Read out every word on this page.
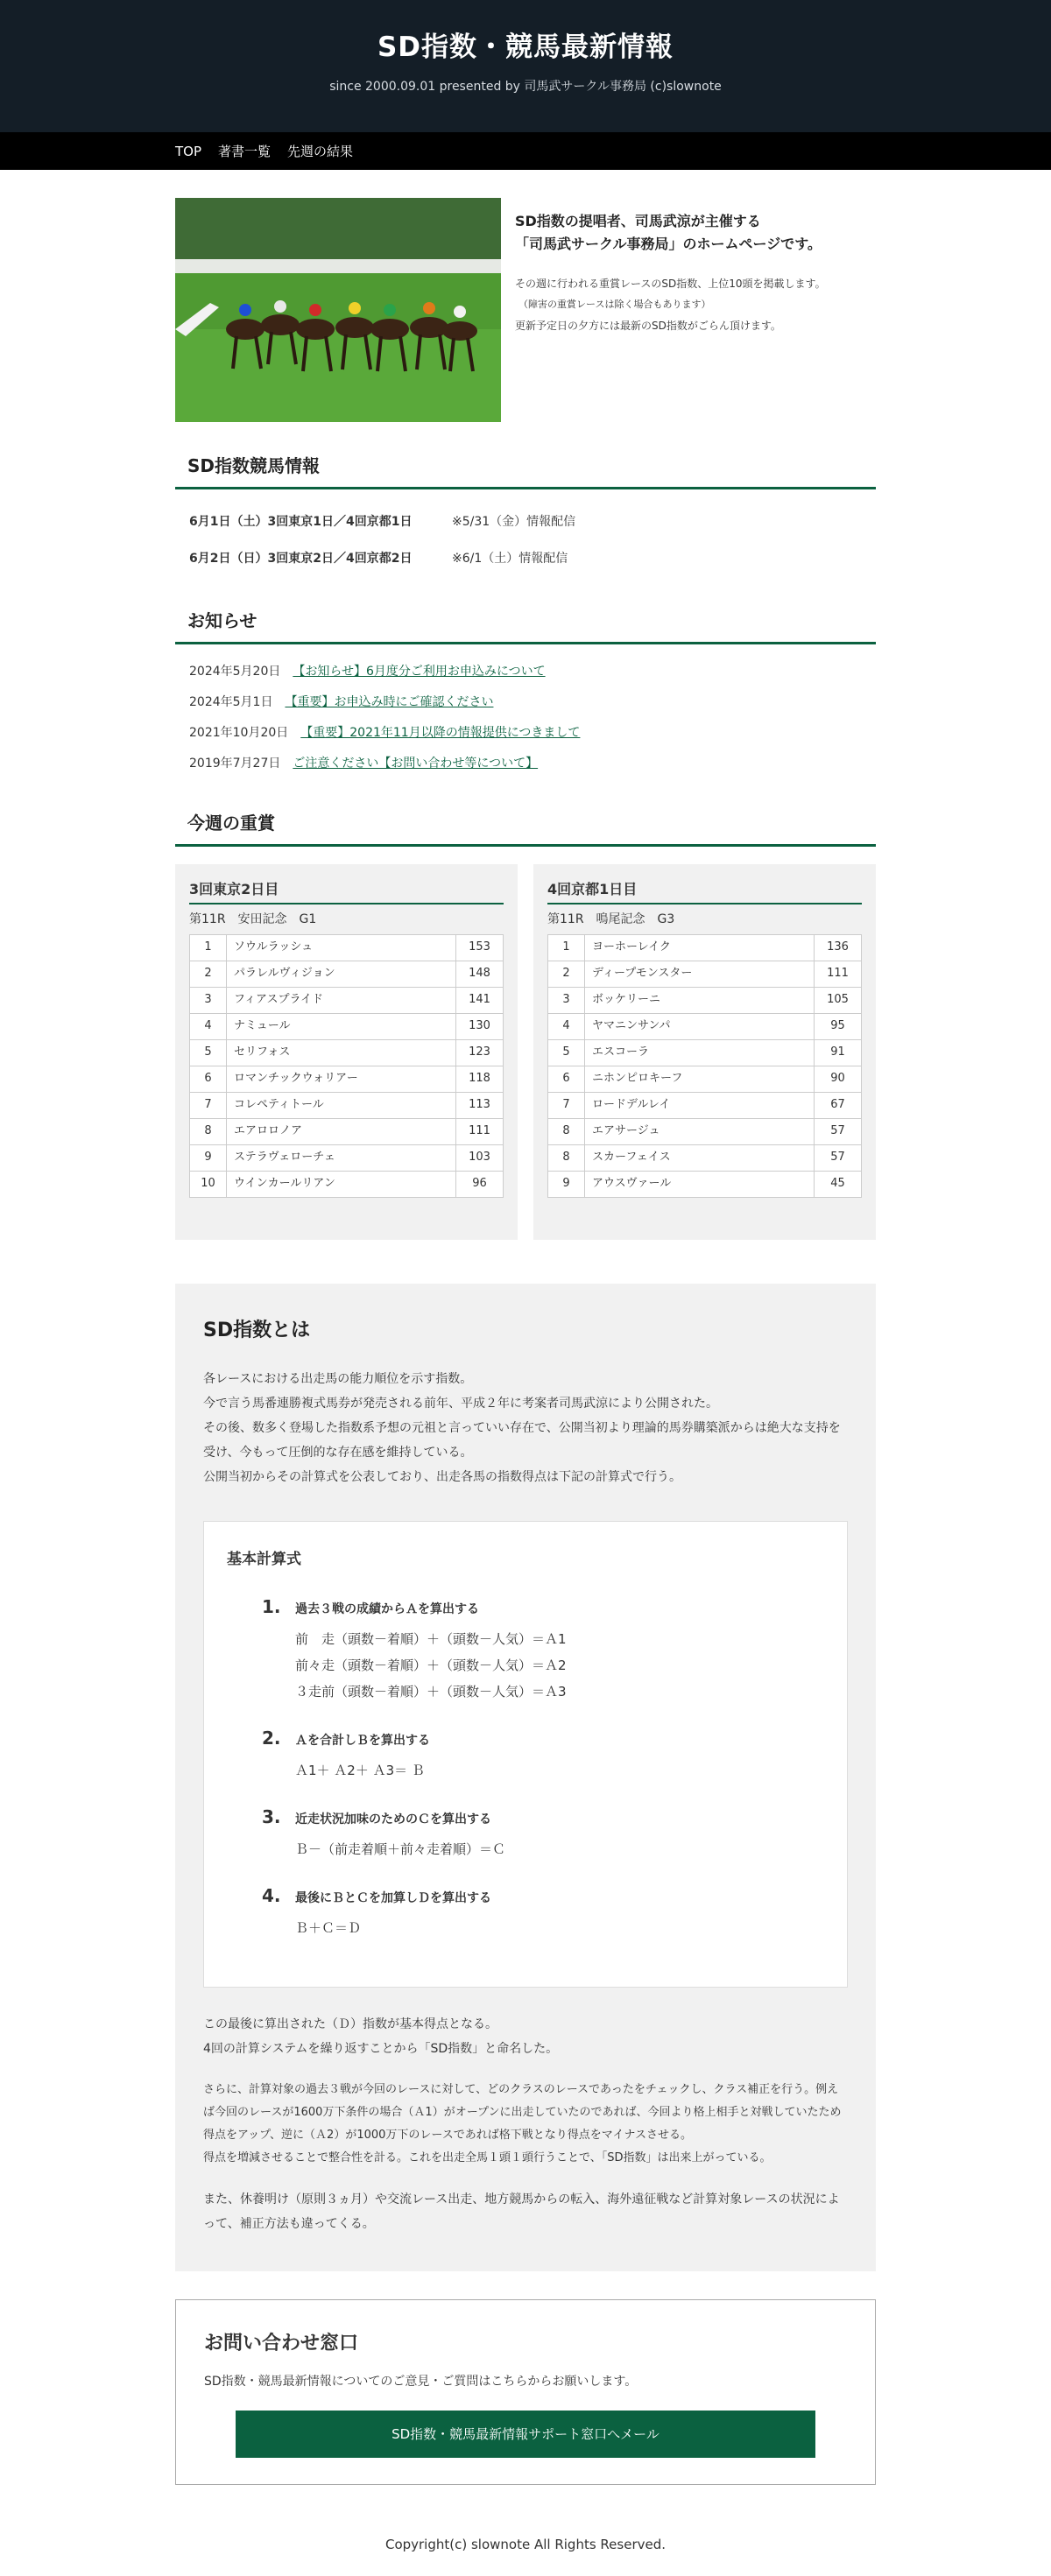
SD指数・競馬最新情報
since 2000.09.01 presented by 司馬武サークル事務局 (c)slownote
TOP 著書一覧 先週の結果
SD指数の提唱者、司馬武涼が主催する
「司馬武サークル事務局」のホームページです。
その週に行われる重賞レースのSD指数、上位10頭を掲載します。
（障害の重賞レースは除く場合もあります）
更新予定日の夕方には最新のSD指数がごらん頂けます。
SD指数競馬情報
6月1日（土）3回東京1日／4回京都1日	※5/31（金）情報配信
6月2日（日）3回東京2日／4回京都2日	※6/1（土）情報配信
お知らせ
2024年5月20日 【お知らせ】6月度分ご利用お申込みについて
2024年5月1日 【重要】お申込み時にご確認ください
2021年10月20日 【重要】2021年11月以降の情報提供につきまして
2019年7月27日 ご注意ください【お問い合わせ等について】
今週の重賞
3回東京2日目
第11R　安田記念　G1
1	ソウルラッシュ	153
2	パラレルヴィジョン	148
3	フィアスプライド	141
4	ナミュール	130
5	セリフォス	123
6	ロマンチックウォリアー	118
7	コレペティトール	113
8	エアロロノア	111
9	ステラヴェローチェ	103
10	ウインカールリアン	96
4回京都1日目
第11R　鳴尾記念　G3
1	ヨーホーレイク	136
2	ディープモンスター	111
3	ボッケリーニ	105
4	ヤマニンサンパ	95
5	エスコーラ	91
6	ニホンピロキーフ	90
7	ロードデルレイ	67
8	エアサージュ	57
8	スカーフェイス	57
9	アウスヴァール	45
SD指数とは

各レースにおける出走馬の能力順位を示す指数。

今で言う馬番連勝複式馬券が発売される前年、平成２年に考案者司馬武涼により公開された。

その後、数多く登場した指数系予想の元祖と言っていい存在で、公開当初より理論的馬券購築派からは絶大な支持を受け、今もって圧倒的な存在感を維持している。

公開当初からその計算式を公表しており、出走各馬の指数得点は下記の計算式で行う。

基本計算式
1.	過去３戦の成績からＡを算出する
前　走（頭数－着順）＋（頭数－人気）＝Ａ1
前々走（頭数－着順）＋（頭数－人気）＝Ａ2
３走前（頭数－着順）＋（頭数－人気）＝Ａ3
2.	Ａを合計しＢを算出する
Ａ1＋ Ａ2＋ Ａ3＝ Ｂ
3.	近走状況加味のためのＣを算出する
Ｂ－（前走着順＋前々走着順）＝Ｃ
4.	最後にＢとＣを加算しＤを算出する
Ｂ＋Ｃ＝Ｄ

この最後に算出された（Ｄ）指数が基本得点となる。

4回の計算システムを繰り返すことから「SD指数」と命名した。

さらに、計算対象の過去３戦が今回のレースに対して、どのクラスのレースであったをチェックし、クラス補正を行う。例えば今回のレースが1600万下条件の場合（Ａ1）がオープンに出走していたのであれば、今回より格上相手と対戦していたため得点をアップ、逆に（Ａ2）が1000万下のレースであれば格下戦となり得点をマイナスさせる。
得点を増減させることで整合性を計る。これを出走全馬１頭１頭行うことで、「SD指数」は出来上がっている。

また、休養明け（原則３ヵ月）や交流レース出走、地方競馬からの転入、海外遠征戦など計算対象レースの状況によって、補正方法も違ってくる。

お問い合わせ窓口

SD指数・競馬最新情報についてのご意見・ご質問はこちらからお願いします。

SD指数・競馬最新情報サポート窓口へメール
Copyright(c) slownote All Rights Reserved.
